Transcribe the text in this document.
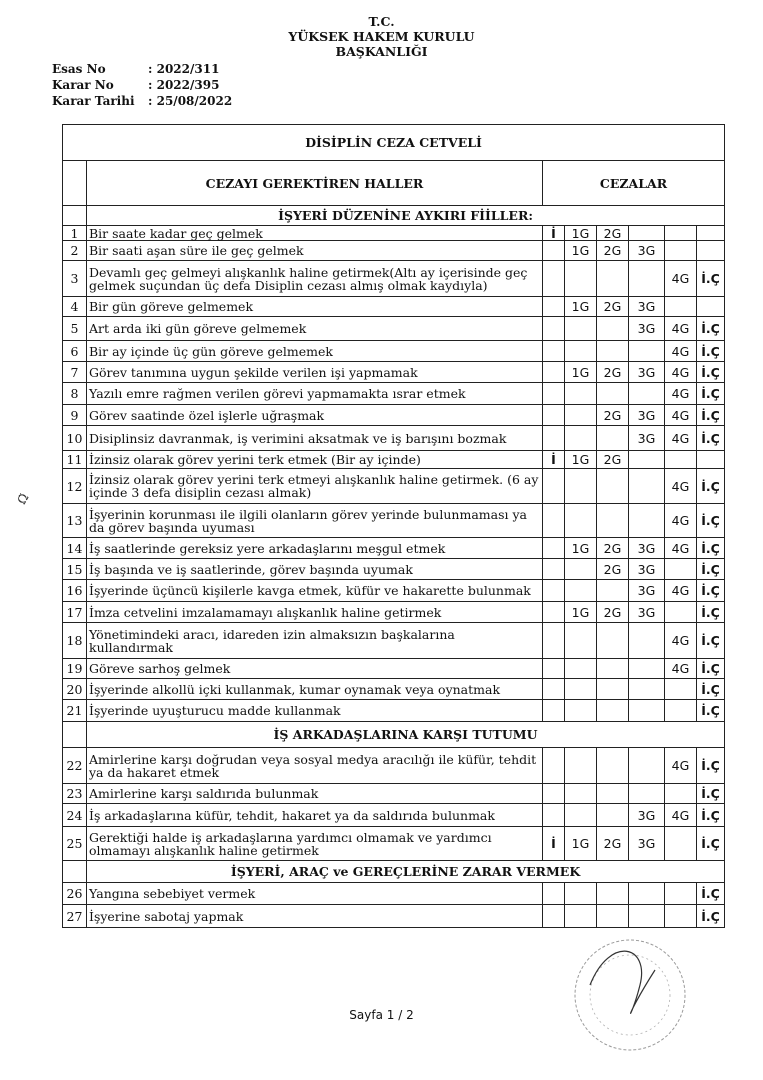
T.C.
YÜKSEK HAKEM KURULU
BAŞKANLIĞI
Esas No	: 2022/311
Karar No	: 2022/395
Karar Tarihi	: 25/08/2022
Ω̃
DİSİPLİN CEZA CETVELİ							
	CEZAYI GEREKTİREN HALLER	CEZALAR					
	İŞYERİ DÜZENİNE AYKIRI FİİLLER:						
1	Bir saate kadar geç gelmek	İ	1G	2G			
2	Bir saati aşan süre ile geç gelmek		1G	2G	3G		
3	Devamlı geç gelmeyi alışkanlık haline getirmek(Altı ay içerisinde geç gelmek suçundan üç defa Disiplin cezası almış olmak kaydıyla)					4G	İ.Ç
4	Bir gün göreve gelmemek		1G	2G	3G		
5	Art arda iki gün göreve gelmemek				3G	4G	İ.Ç
6	Bir ay içinde üç gün göreve gelmemek					4G	İ.Ç
7	Görev tanımına uygun şekilde verilen işi yapmamak		1G	2G	3G	4G	İ.Ç
8	Yazılı emre rağmen verilen görevi yapmamakta ısrar etmek					4G	İ.Ç
9	Görev saatinde özel işlerle uğraşmak			2G	3G	4G	İ.Ç
10	Disiplinsiz davranmak, iş verimini aksatmak ve iş barışını bozmak				3G	4G	İ.Ç
11	İzinsiz olarak görev yerini terk etmek (Bir ay içinde)	İ	1G	2G			
12	İzinsiz olarak görev yerini terk etmeyi alışkanlık haline getirmek. (6 ay içinde 3 defa disiplin cezası almak)					4G	İ.Ç
13	İşyerinin korunması ile ilgili olanların görev yerinde bulunmaması ya da görev başında uyuması					4G	İ.Ç
14	İş saatlerinde gereksiz yere arkadaşlarını meşgul etmek		1G	2G	3G	4G	İ.Ç
15	İş başında ve iş saatlerinde, görev başında uyumak			2G	3G		İ.Ç
16	İşyerinde üçüncü kişilerle kavga etmek, küfür ve hakarette bulunmak				3G	4G	İ.Ç
17	İmza cetvelini imzalamamayı alışkanlık haline getirmek		1G	2G	3G		İ.Ç
18	Yönetimindeki aracı, idareden izin almaksızın başkalarına kullandırmak					4G	İ.Ç
19	Göreve sarhoş gelmek					4G	İ.Ç
20	İşyerinde alkollü içki kullanmak, kumar oynamak veya oynatmak						İ.Ç
21	İşyerinde uyuşturucu madde kullanmak						İ.Ç
	İŞ ARKADAŞLARINA KARŞI TUTUMU						
22	Amirlerine karşı doğrudan veya sosyal medya aracılığı ile küfür, tehdit ya da hakaret etmek					4G	İ.Ç
23	Amirlerine karşı saldırıda bulunmak						İ.Ç
24	İş arkadaşlarına küfür, tehdit, hakaret ya da saldırıda bulunmak				3G	4G	İ.Ç
25	Gerektiği halde iş arkadaşlarına yardımcı olmamak ve yardımcı olmamayı alışkanlık haline getirmek	İ	1G	2G	3G		İ.Ç
	İŞYERİ, ARAÇ ve GEREÇLERİNE ZARAR VERMEK						
26	Yangına sebebiyet vermek						İ.Ç
27	İşyerine sabotaj yapmak						İ.Ç
Sayfa 1 / 2
